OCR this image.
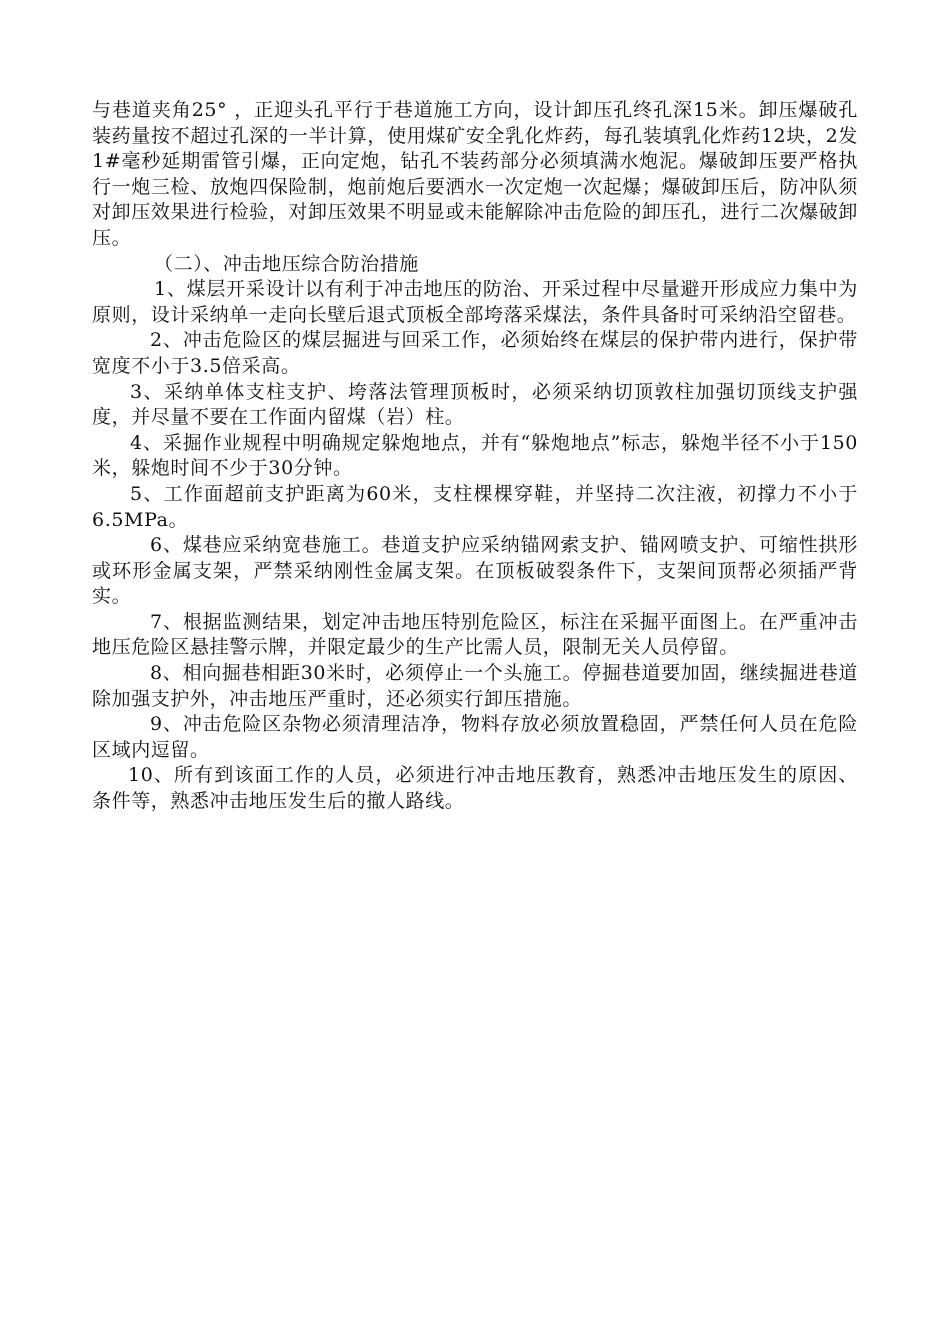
与巷道夹角25° ，正迎头孔平行于巷道施工方向，设计卸压孔终孔深15米。卸压爆破孔装药量按不超过孔深的一半计算，使用煤矿安全乳化炸药，每孔装填乳化炸药12块，2发1#毫秒延期雷管引爆，正向定炮，钻孔不装药部分必须填满水炮泥。爆破卸压要严格执行一炮三检、放炮四保险制，炮前炮后要洒水一次定炮一次起爆；爆破卸压后，防冲队须对卸压效果进行检验，对卸压效果不明显或未能解除冲击危险的卸压孔，进行二次爆破卸压。

（二）、冲击地压综合防治措施

1、煤层开采设计以有利于冲击地压的防治、开采过程中尽量避开形成应力集中为原则，设计采纳单一走向长壁后退式顶板全部垮落采煤法，条件具备时可采纳沿空留巷。

2、冲击危险区的煤层掘进与回采工作，必须始终在煤层的保护带内进行，保护带宽度不小于3.5倍采高。

3、采纳单体支柱支护、垮落法管理顶板时，必须采纳切顶敦柱加强切顶线支护强度，并尽量不要在工作面内留煤（岩）柱。

4、采掘作业规程中明确规定躲炮地点，并有“躲炮地点”标志，躲炮半径不小于150米，躲炮时间不少于30分钟。

5、工作面超前支护距离为60米，支柱棵棵穿鞋，并坚持二次注液，初撑力不小于6.5MPa。

6、煤巷应采纳宽巷施工。巷道支护应采纳锚网索支护、锚网喷支护、可缩性拱形或环形金属支架，严禁采纳刚性金属支架。在顶板破裂条件下，支架间顶帮必须插严背实。

7、根据监测结果，划定冲击地压特别危险区，标注在采掘平面图上。在严重冲击地压危险区悬挂警示牌，并限定最少的生产比需人员，限制无关人员停留。

8、相向掘巷相距30米时，必须停止一个头施工。停掘巷道要加固，继续掘进巷道除加强支护外，冲击地压严重时，还必须实行卸压措施。

9、冲击危险区杂物必须清理洁净，物料存放必须放置稳固，严禁任何人员在危险区域内逗留。

10、所有到该面工作的人员，必须进行冲击地压教育，熟悉冲击地压发生的原因、条件等，熟悉冲击地压发生后的撤人路线。
